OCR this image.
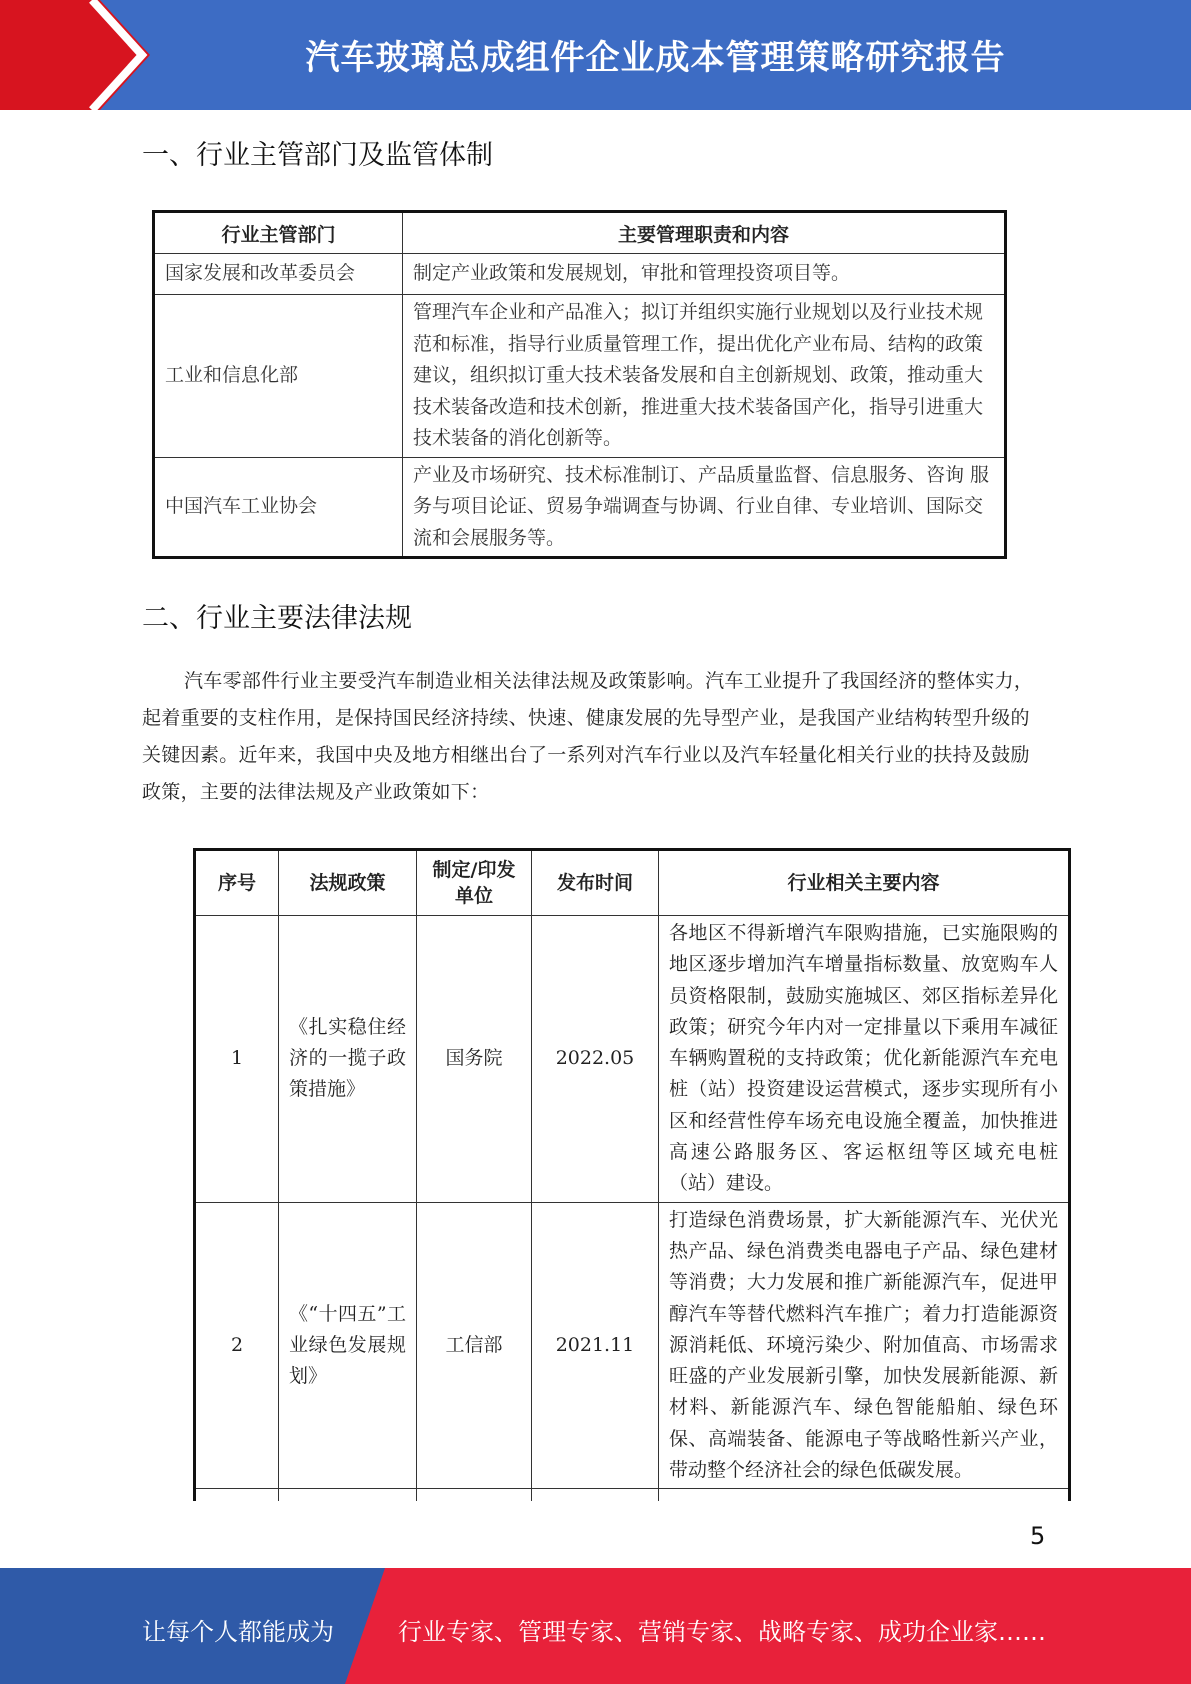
汽车玻璃总成组件企业成本管理策略研究报告
一、行业主管部门及监管体制
行业主管部门	主要管理职责和内容
国家发展和改革委员会	制定产业政策和发展规划，审批和管理投资项目等。
工业和信息化部	管理汽车企业和产品准入；拟订并组织实施行业规划以及行业技术规范和标准，指导行业质量管理工作，提出优化产业布局、结构的政策建议，组织拟订重大技术装备发展和自主创新规划、政策，推动重大技术装备改造和技术创新，推进重大技术装备国产化，指导引进重大技术装备的消化创新等。
中国汽车工业协会	产业及市场研究、技术标准制订、产品质量监督、信息服务、咨询 服务与项目论证、贸易争端调查与协调、行业自律、专业培训、国际交流和会展服务等。
二、行业主要法律法规
汽车零部件行业主要受汽车制造业相关法律法规及政策影响。汽车工业提升了我国经济的整体实力，起着重要的支柱作用，是保持国民经济持续、快速、健康发展的先导型产业，是我国产业结构转型升级的关键因素。近年来，我国中央及地方相继出台了一系列对汽车行业以及汽车轻量化相关行业的扶持及鼓励政策，主要的法律法规及产业政策如下：
序号	法规政策	制定/印发单位	发布时间	行业相关主要内容
1	《扎实稳住经济的一揽子政策措施》	国务院	2022.05	各地区不得新增汽车限购措施，已实施限购的地区逐步增加汽车增量指标数量、放宽购车人员资格限制，鼓励实施城区、郊区指标差异化政策；研究今年内对一定排量以下乘用车减征车辆购置税的支持政策；优化新能源汽车充电桩（站）投资建设运营模式，逐步实现所有小区和经营性停车场充电设施全覆盖，加快推进高速公路服务区、客运枢纽等区域充电桩（站）建设。
2	《“十四五”工业绿色发展规划》	工信部	2021.11	打造绿色消费场景，扩大新能源汽车、光伏光热产品、绿色消费类电器电子产品、绿色建材等消费；大力发展和推广新能源汽车，促进甲醇汽车等替代燃料汽车推广；着力打造能源资源消耗低、环境污染少、附加值高、市场需求旺盛的产业发展新引擎，加快发展新能源、新材料、新能源汽车、绿色智能船舶、绿色环保、高端装备、能源电子等战略性新兴产业，带动整个经济社会的绿色低碳发展。

5
让每个人都能成为	行业专家、管理专家、营销专家、战略专家、成功企业家……
